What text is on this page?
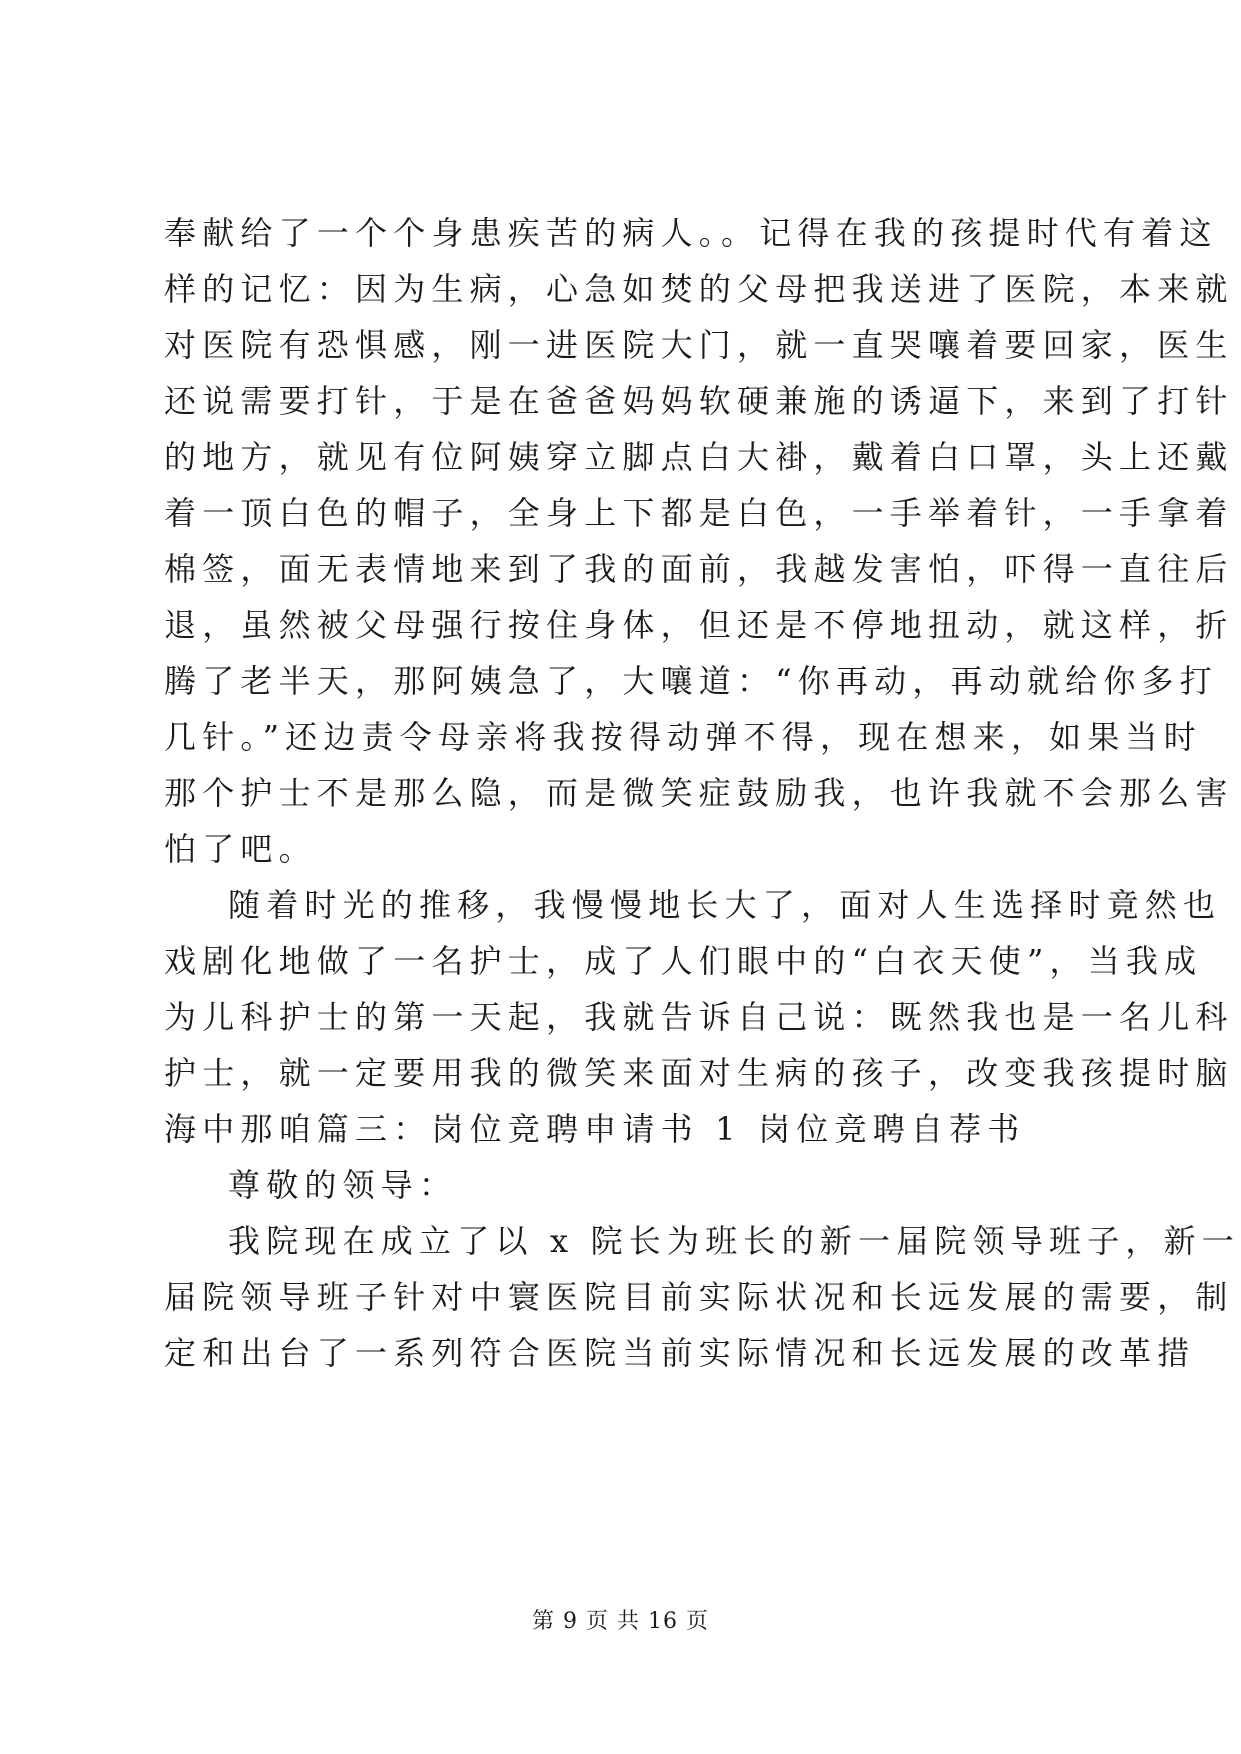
奉献给了一个个身患疾苦的病人。。记得在我的孩提时代有着这
样的记忆：因为生病，心急如焚的父母把我送进了医院，本来就
对医院有恐惧感，刚一进医院大门，就一直哭嚷着要回家，医生
还说需要打针，于是在爸爸妈妈软硬兼施的诱逼下，来到了打针
的地方，就见有位阿姨穿立脚点白大褂，戴着白口罩，头上还戴
着一顶白色的帽子，全身上下都是白色，一手举着针，一手拿着
棉签，面无表情地来到了我的面前，我越发害怕，吓得一直往后
退，虽然被父母强行按住身体，但还是不停地扭动，就这样，折
腾了老半天，那阿姨急了，大嚷道：“你再动，再动就给你多打
几针。”还边责令母亲将我按得动弹不得，现在想来，如果当时
那个护士不是那么隐，而是微笑症鼓励我，也许我就不会那么害
怕了吧。
随着时光的推移，我慢慢地长大了，面对人生选择时竟然也
戏剧化地做了一名护士，成了人们眼中的“白衣天使”，当我成
为儿科护士的第一天起，我就告诉自己说：既然我也是一名儿科
护士，就一定要用我的微笑来面对生病的孩子，改变我孩提时脑
海中那咱篇三：岗位竞聘申请书 1 岗位竞聘自荐书
尊敬的领导：
我院现在成立了以 x 院长为班长的新一届院领导班子，新一
届院领导班子针对中寰医院目前实际状况和长远发展的需要，制
定和出台了一系列符合医院当前实际情况和长远发展的改革措
第 9 页 共 16 页
